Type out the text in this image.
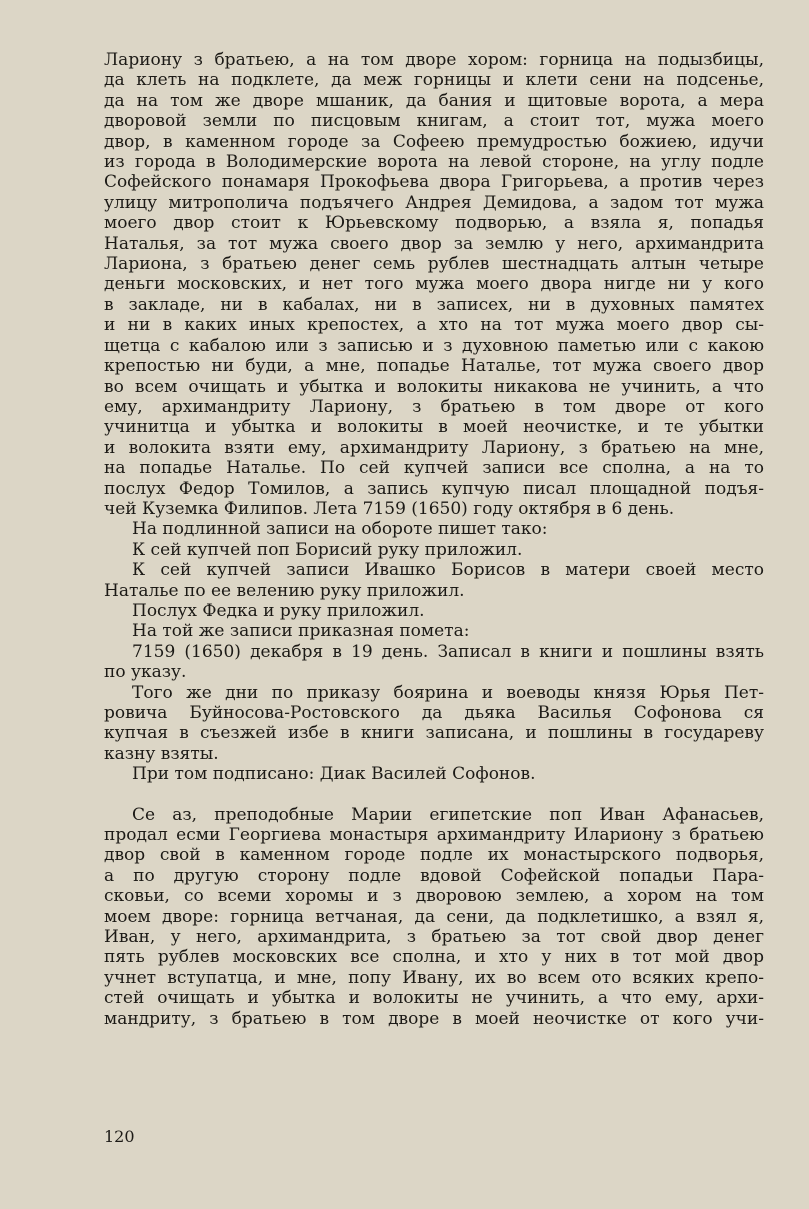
Лариону з братьею, а на том дворе хором: горница на подызбицы,
да клеть на подклете, да меж горницы и клети сени на подсенье,
да на том же дворе мшаник, да бания и щитовые ворота, а мера
дворовой земли по писцовым книгам, а стоит тот, мужа моего
двор, в каменном городе за Софеею премудростью божиею, идучи
из города в Володимерские ворота на левой стороне, на углу подле
Софейского понамаря Прокофьева двора Григорьева, а против через
улицу митрополича подъячего Андрея Демидова, а задом тот мужа
моего двор стоит к Юрьевскому подворью, а взяла я, попадья
Наталья, за тот мужа своего двор за землю у него, архимандрита
Лариона, з братьею денег семь рублев шестнадцать алтын четыре
деньги московских, и нет того мужа моего двора нигде ни у кого
в закладе, ни в кабалах, ни в записех, ни в духовных памятех
и ни в каких иных крепостех, а хто на тот мужа моего двор сы-
щетца с кабалою или з записью и з духовною паметью или с какою
крепостью ни буди, а мне, попадье Наталье, тот мужа своего двор
во всем очищать и убытка и волокиты никакова не учинить, а что
ему, архимандриту Лариону, з братьею в том дворе от кого
учинитца и убытка и волокиты в моей неочистке, и те убытки
и волокита взяти ему, архимандриту Лариону, з братьею на мне,
на попадье Наталье. По сей купчей записи все сполна, а на то
послух Федор Томилов, а запись купчую писал площадной подъя-
чей Куземка Филипов. Лета 7159 (1650) году октября в 6 день.
На подлинной записи на обороте пишет тако:
К сей купчей поп Борисий руку приложил.
К сей купчей записи Ивашко Борисов в матери своей место
Наталье по ее велению руку приложил.
Послух Федка и руку приложил.
На той же записи приказная помета:
7159 (1650) декабря в 19 день. Записал в книги и пошлины взять
по указу.
Того же дни по приказу боярина и воеводы князя Юрья Пет-
ровича Буйносова-Ростовского да дьяка Василья Софонова ся
купчая в съезжей избе в книги записана, и пошлины в государеву
казну взяты.
При том подписано: Диак Василей Софонов.
Се аз, преподобные Марии египетские поп Иван Афанасьев,
продал есми Георгиева монастыря архимандриту Илариону з братьею
двор свой в каменном городе подле их монастырского подворья,
а по другую сторону подле вдовой Софейской попадьи Пара-
сковьи, со всеми хоромы и з дворовою землею, а хором на том
моем дворе: горница ветчаная, да сени, да подклетишко, а взял я,
Иван, у него, архимандрита, з братьею за тот свой двор денег
пять рублев московских все сполна, и хто у них в тот мой двор
учнет вступатца, и мне, попу Ивану, их во всем ото всяких крепо-
стей очищать и убытка и волокиты не учинить, а что ему, архи-
мандриту, з братьею в том дворе в моей неочистке от кого учи-
120
